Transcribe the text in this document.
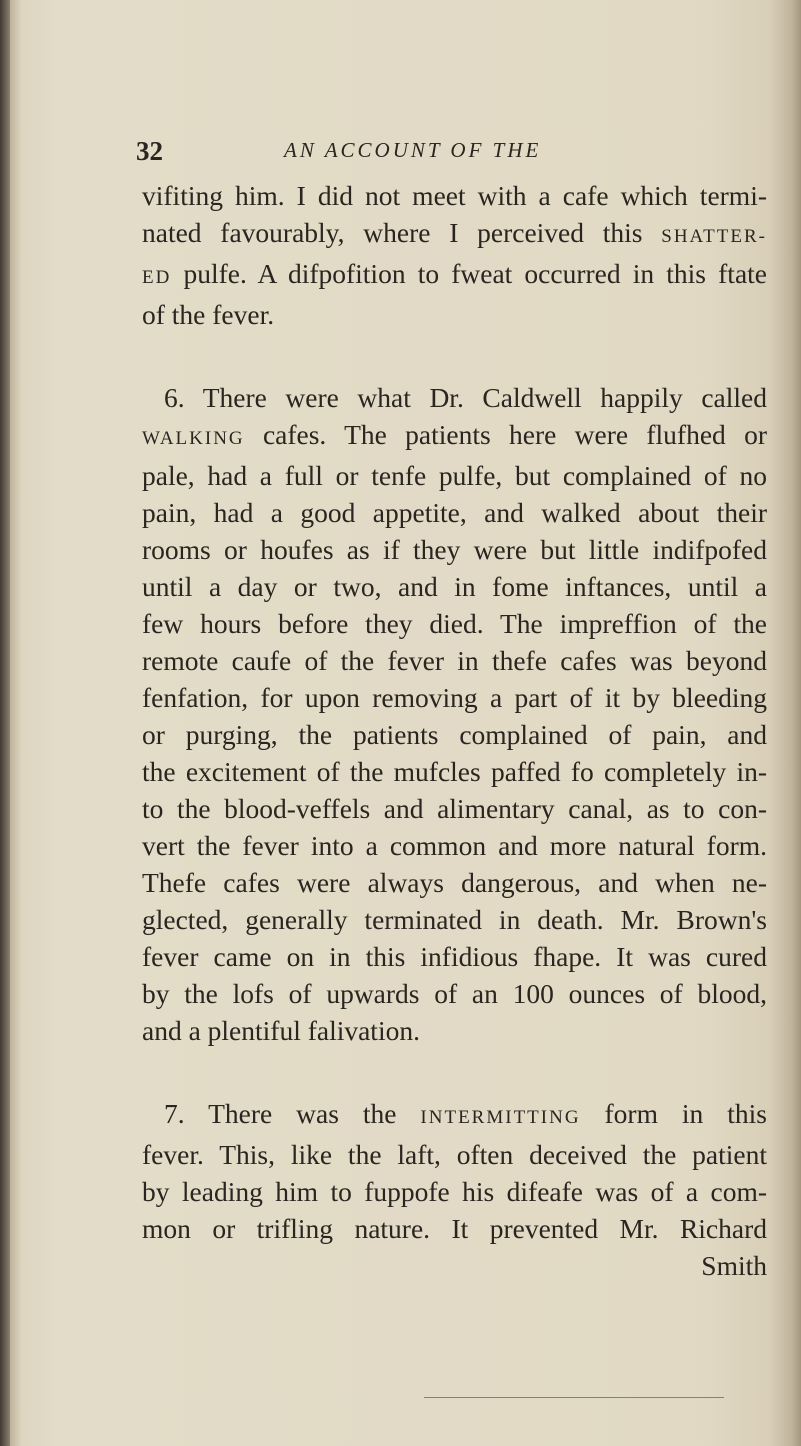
32	AN ACCOUNT OF THE
vifiting him. I did not meet with a cafe which termi-
nated favourably, where I perceived this SHATTER-
ED pulfe. A difpofition to fweat occurred in this ftate
of the fever.
6. There were what Dr. Caldwell happily called
WALKING cafes. The patients here were flufhed or
pale, had a full or tenfe pulfe, but complained of no
pain, had a good appetite, and walked about their
rooms or houfes as if they were but little indifpofed
until a day or two, and in fome inftances, until a
few hours before they died. The impreffion of the
remote caufe of the fever in thefe cafes was beyond
fenfation, for upon removing a part of it by bleeding
or purging, the patients complained of pain, and
the excitement of the mufcles paffed fo completely in-
to the blood-veffels and alimentary canal, as to con-
vert the fever into a common and more natural form.
Thefe cafes were always dangerous, and when ne-
glected, generally terminated in death. Mr. Brown's
fever came on in this infidious fhape. It was cured
by the lofs of upwards of an 100 ounces of blood,
and a plentiful falivation.
7. There was the INTERMITTING form in this
fever. This, like the laft, often deceived the patient
by leading him to fuppofe his difeafe was of a com-
mon or trifling nature. It prevented Mr. Richard
Smith
